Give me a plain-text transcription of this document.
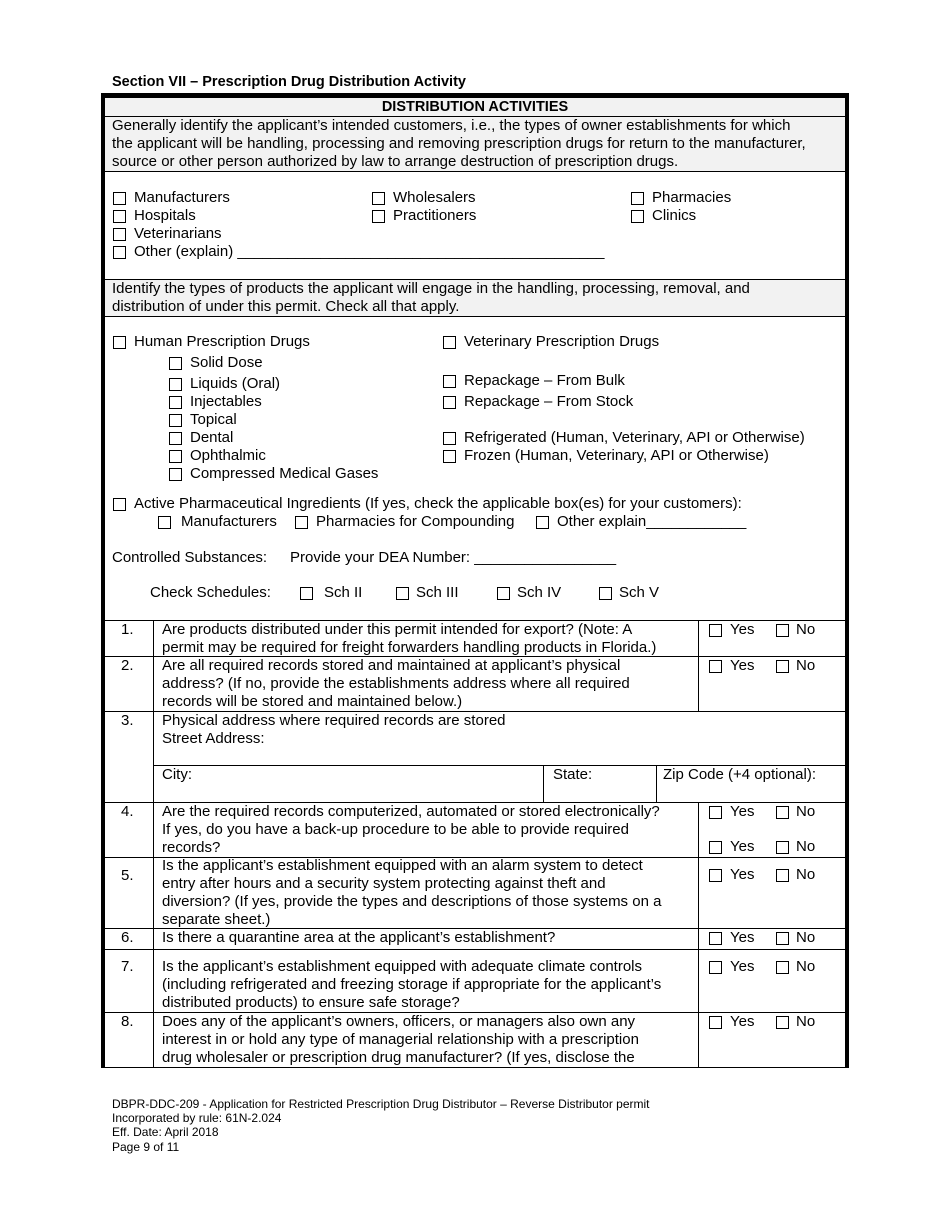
Section VII – Prescription Drug Distribution Activity
DISTRIBUTION ACTIVITIES
Generally identify the applicant’s intended customers, i.e., the types of owner establishments for which
the applicant will be handling, processing and removing prescription drugs for return to the manufacturer,
source or other person authorized by law to arrange destruction of prescription drugs.
Manufacturers	Wholesalers	Pharmacies
Hospitals	Practitioners	Clinics
Veterinarians
Other (explain) ____________________________________________
Identify the types of products the applicant will engage in the handling, processing, removal, and
distribution of under this permit. Check all that apply.
Human Prescription Drugs
Solid Dose
Liquids (Oral)
Injectables
Topical
Dental
Ophthalmic
Compressed Medical Gases
Veterinary Prescription Drugs
Repackage – From Bulk
Repackage – From Stock
Refrigerated (Human, Veterinary, API or Otherwise)
Frozen (Human, Veterinary, API or Otherwise)
Active Pharmaceutical Ingredients (If yes, check the applicable box(es) for your customers):
Manufacturers	Pharmacies for Compounding	Other explain____________
Controlled Substances: Provide your DEA Number: _________________
Check Schedules:	Sch II	Sch III	Sch IV	Sch V
1. Are products distributed under this permit intended for export? (Note: A
permit may be required for freight forwarders handling products in Florida.)
Yes	No
2. Are all required records stored and maintained at applicant’s physical
address? (If no, provide the establishments address where all required
records will be stored and maintained below.)
Yes	No
3. Physical address where required records are stored
Street Address:
City:	State:	Zip Code (+4 optional):
4. Are the required records computerized, automated or stored electronically?
If yes, do you have a back-up procedure to be able to provide required
records?
Yes	No
Yes	No
5.
Is the applicant’s establishment equipped with an alarm system to detect
entry after hours and a security system protecting against theft and
diversion? (If yes, provide the types and descriptions of those systems on a
separate sheet.)
Yes	No
6. Is there a quarantine area at the applicant’s establishment?	Yes	No
7. Is the applicant’s establishment equipped with adequate climate controls
(including refrigerated and freezing storage if appropriate for the applicant’s
distributed products) to ensure safe storage?
Yes	No
8. Does any of the applicant’s owners, officers, or managers also own any
interest in or hold any type of managerial relationship with a prescription
drug wholesaler or prescription drug manufacturer? (If yes, disclose the
Yes	No
DBPR-DDC-209 - Application for Restricted Prescription Drug Distributor – Reverse Distributor permit
Incorporated by rule: 61N-2.024
Eff. Date: April 2018
Page 9 of 11
